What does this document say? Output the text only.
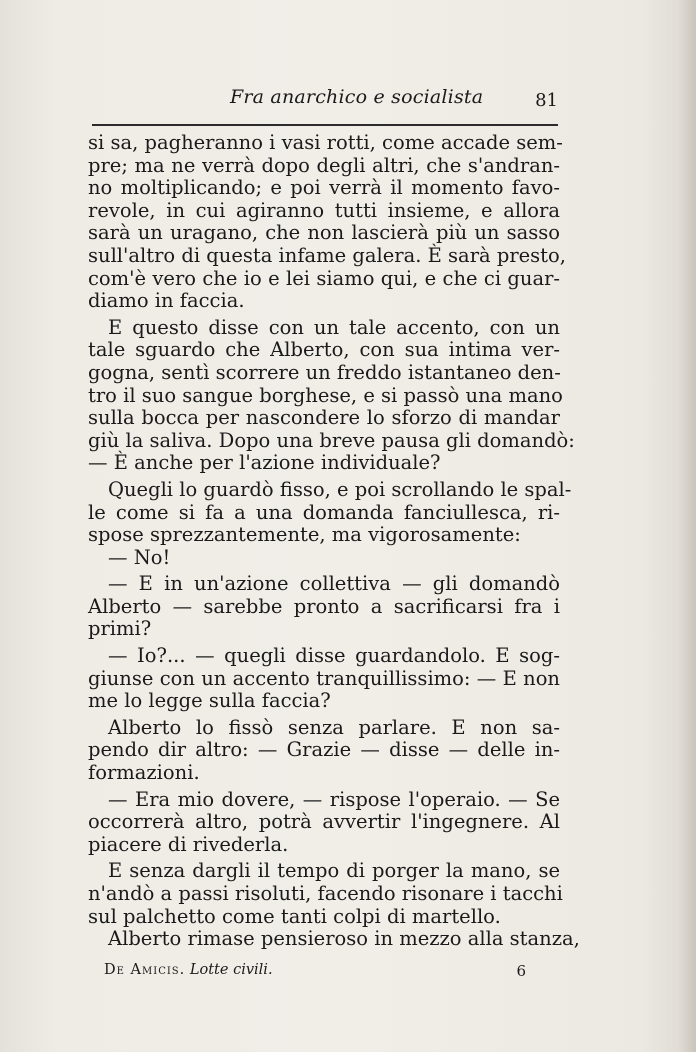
Fra anarchico e socialista	81
si sa, pagheranno i vasi rotti, come accade sem-
pre; ma ne verrà dopo degli altri, che s'andran-
no moltiplicando; e poi verrà il momento favo-
revole, in cui agiranno tutti insieme, e allora
sarà un uragano, che non lascierà più un sasso
sull'altro di questa infame galera. È sarà presto,
com'è vero che io e lei siamo qui, e che ci guar-
diamo in faccia.
E questo disse con un tale accento, con un
tale sguardo che Alberto, con sua intima ver-
gogna, sentì scorrere un freddo istantaneo den-
tro il suo sangue borghese, e si passò una mano
sulla bocca per nascondere lo sforzo di mandar
giù la saliva. Dopo una breve pausa gli domandò:
— È anche per l'azione individuale?
Quegli lo guardò fisso, e poi scrollando le spal-
le come si fa a una domanda fanciullesca, ri-
spose sprezzantemente, ma vigorosamente:
— No!
— E in un'azione collettiva — gli domandò
Alberto — sarebbe pronto a sacrificarsi fra i
primi?
— Io?... — quegli disse guardandolo. E sog-
giunse con un accento tranquillissimo: — E non
me lo legge sulla faccia?
Alberto lo fissò senza parlare. E non sa-
pendo dir altro: — Grazie — disse — delle in-
formazioni.
— Era mio dovere, — rispose l'operaio. — Se
occorrerà altro, potrà avvertir l'ingegnere. Al
piacere di rivederla.
E senza dargli il tempo di porger la mano, se
n'andò a passi risoluti, facendo risonare i tacchi
sul palchetto come tanti colpi di martello.
Alberto rimase pensieroso in mezzo alla stanza,
De Amicis. Lotte civili.	6
